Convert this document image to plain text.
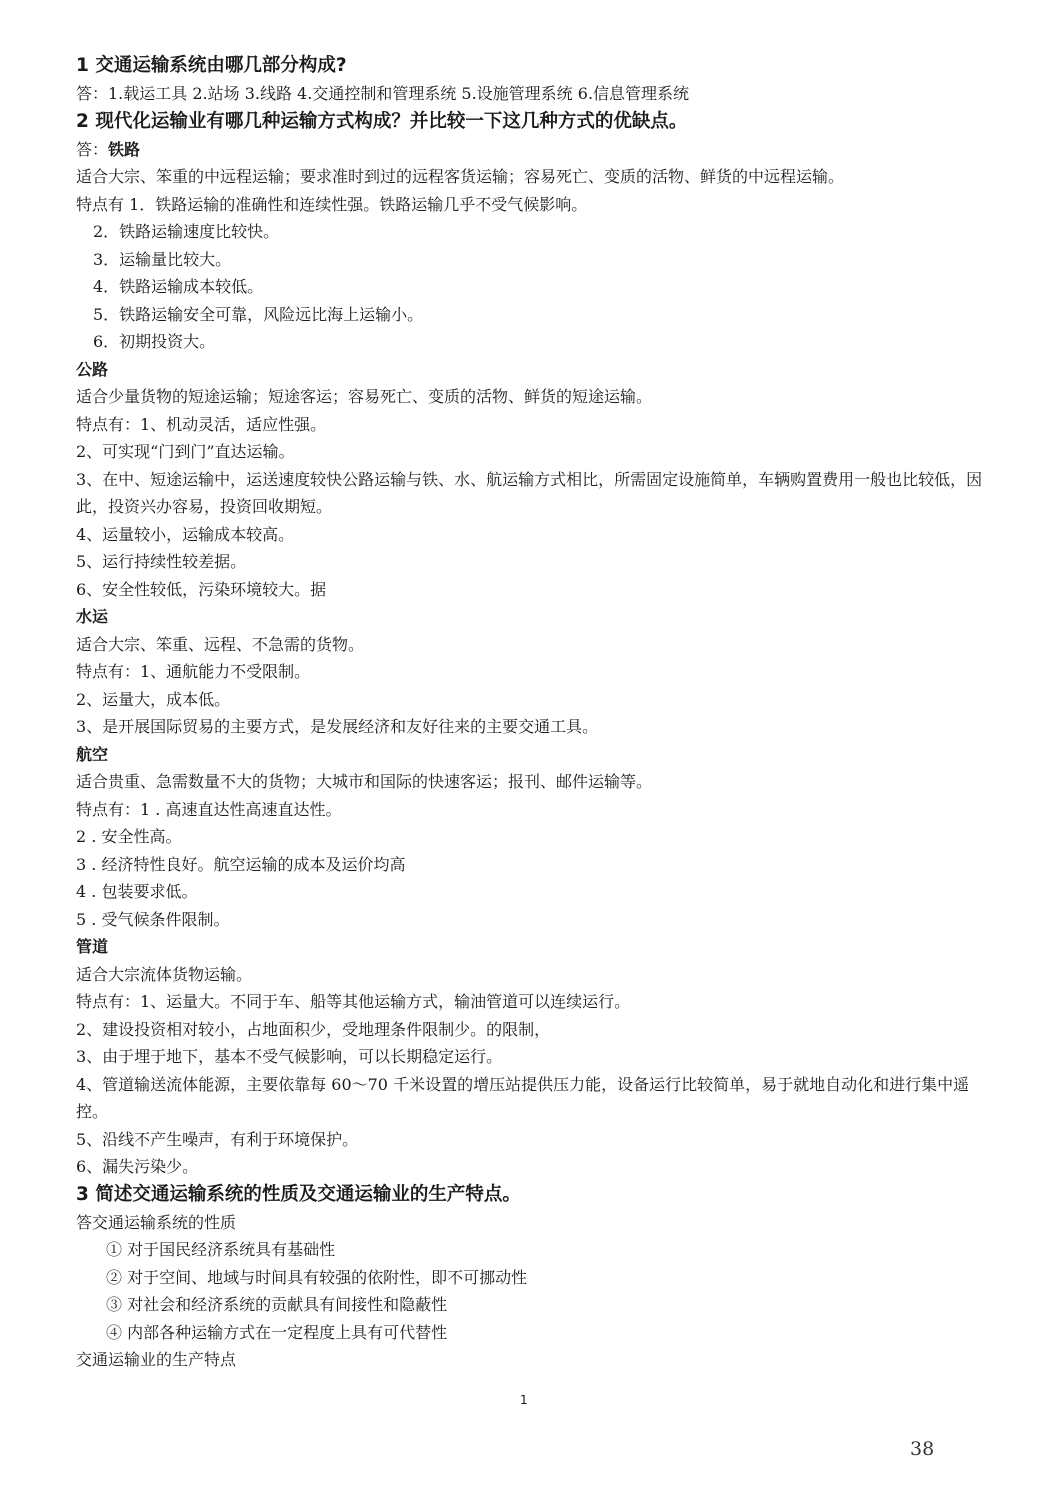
1 交通运输系统由哪几部分构成?
答：1.载运工具 2.站场 3.线路 4.交通控制和管理系统 5.设施管理系统 6.信息管理系统
2 现代化运输业有哪几种运输方式构成？并比较一下这几种方式的优缺点。
答：铁路
适合大宗、笨重的中远程运输；要求准时到过的远程客货运输；容易死亡、变质的活物、鲜货的中远程运输。
特点有 1．铁路运输的准确性和连续性强。铁路运输几乎不受气候影响。
2．铁路运输速度比较快。
3．运输量比较大。
4．铁路运输成本较低。
5．铁路运输安全可靠，风险远比海上运输小。
6．初期投资大。
公路
适合少量货物的短途运输；短途客运；容易死亡、变质的活物、鲜货的短途运输。
特点有：1、机动灵活，适应性强。
2、可实现“门到门”直达运输。
3、在中、短途运输中，运送速度较快公路运输与铁、水、航运输方式相比，所需固定设施简单，车辆购置费用一般也比较低，因此，投资兴办容易，投资回收期短。
4、运量较小，运输成本较高。
5、运行持续性较差据。
6、安全性较低，污染环境较大。据
水运
适合大宗、笨重、远程、不急需的货物。
特点有：1、通航能力不受限制。
2、运量大，成本低。
3、是开展国际贸易的主要方式，是发展经济和友好往来的主要交通工具。
航空
适合贵重、急需数量不大的货物；大城市和国际的快速客运；报刊、邮件运输等。
特点有：1 . 高速直达性高速直达性。
2 . 安全性高。
3 . 经济特性良好。航空运输的成本及运价均高
4 . 包装要求低。
5 . 受气候条件限制。
管道
适合大宗流体货物运输。
特点有：1、运量大。不同于车、船等其他运输方式，输油管道可以连续运行。
2、建设投资相对较小，占地面积少，受地理条件限制少。的限制，
3、由于埋于地下，基本不受气候影响，可以长期稳定运行。
4、管道输送流体能源，主要依靠每 60～70 千米设置的增压站提供压力能，设备运行比较简单，易于就地自动化和进行集中遥控。
5、沿线不产生噪声，有利于环境保护。
6、漏失污染少。
3 简述交通运输系统的性质及交通运输业的生产特点。
答交通运输系统的性质
① 对于国民经济系统具有基础性
② 对于空间、地域与时间具有较强的依附性，即不可挪动性
③ 对社会和经济系统的贡献具有间接性和隐蔽性
④ 内部各种运输方式在一定程度上具有可代替性
交通运输业的生产特点
1
38
